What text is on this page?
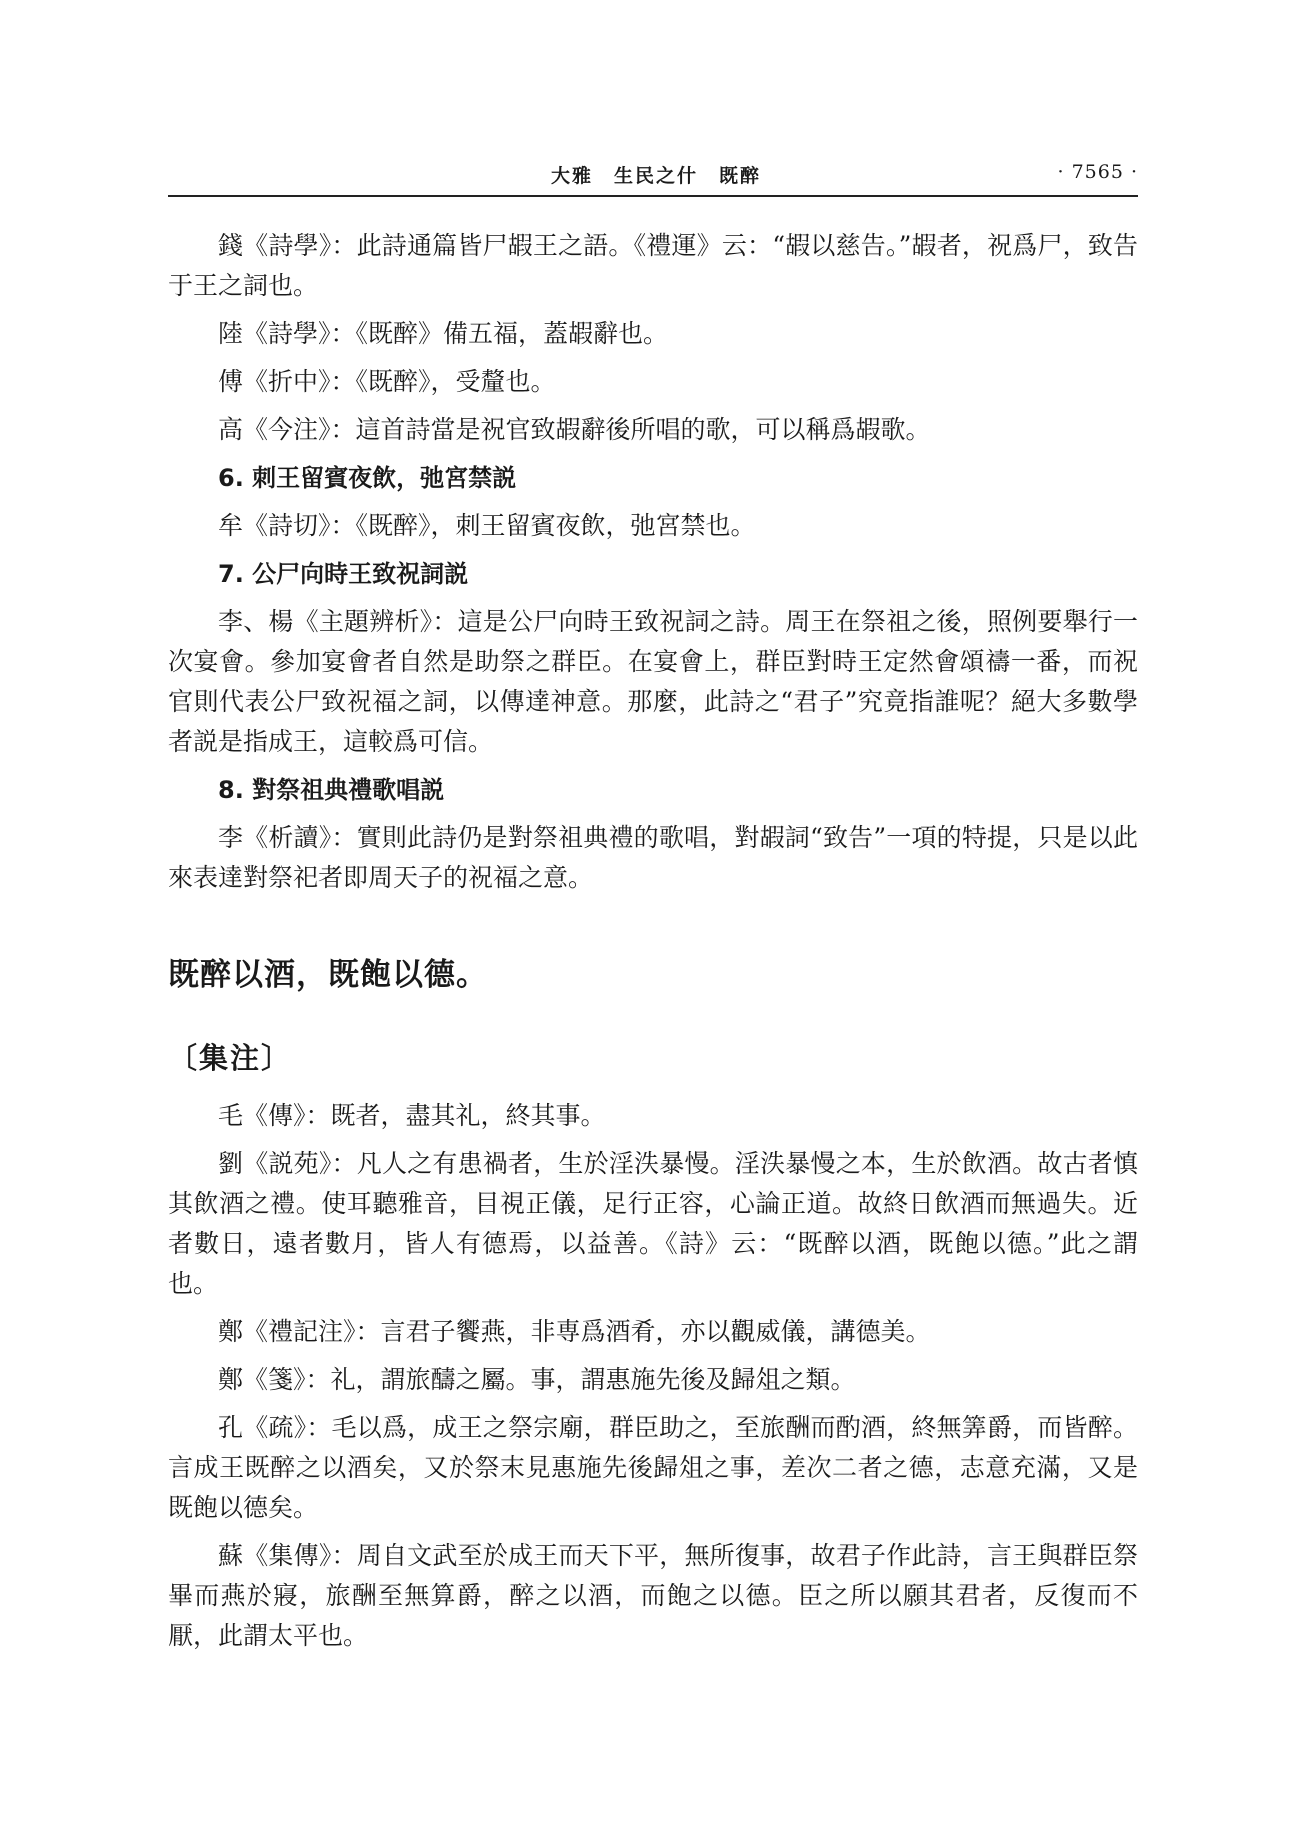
大雅　生民之什　既醉	· 7565 ·

錢《詩學》：此詩通篇皆尸嘏王之語。《禮運》云：“嘏以慈告。”嘏者，祝爲尸，致告于王之詞也。

陸《詩學》：《既醉》備五福，蓋嘏辭也。

傅《折中》：《既醉》，受釐也。

高《今注》：這首詩當是祝官致嘏辭後所唱的歌，可以稱爲嘏歌。

6. 刺王留賓夜飲，弛宮禁説

牟《詩切》：《既醉》，刺王留賓夜飲，弛宮禁也。

7. 公尸向時王致祝詞説

李、楊《主題辨析》：這是公尸向時王致祝詞之詩。周王在祭祖之後，照例要舉行一次宴會。參加宴會者自然是助祭之群臣。在宴會上，群臣對時王定然會頌禱一番，而祝官則代表公尸致祝福之詞，以傳達神意。那麼，此詩之“君子”究竟指誰呢？絕大多數學者説是指成王，這較爲可信。

8. 對祭祖典禮歌唱説

李《析讀》：實則此詩仍是對祭祖典禮的歌唱，對嘏詞“致告”一項的特提，只是以此來表達對祭祀者即周天子的祝福之意。

既醉以酒，既飽以德。
〔集注〕

毛《傳》：既者，盡其礼，終其事。

劉《説苑》：凡人之有患禍者，生於淫泆暴慢。淫泆暴慢之本，生於飲酒。故古者慎其飲酒之禮。使耳聽雅音，目視正儀，足行正容，心論正道。故終日飲酒而無過失。近者數日，遠者數月，皆人有德焉，以益善。《詩》云：“既醉以酒，既飽以德。”此之謂也。

鄭《禮記注》：言君子饗燕，非専爲酒肴，亦以觀威儀，講德美。

鄭《箋》：礼，謂旅醻之屬。事，謂惠施先後及歸俎之類。

孔《疏》：毛以爲，成王之祭宗廟，群臣助之，至旅酬而酌酒，終無筭爵，而皆醉。言成王既醉之以酒矣，又於祭末見惠施先後歸俎之事，差次二者之德，志意充滿，又是既飽以德矣。

蘇《集傳》：周自文武至於成王而天下平，無所復事，故君子作此詩，言王與群臣祭畢而燕於寢，旅酬至無算爵，醉之以酒，而飽之以德。臣之所以願其君者，反復而不厭，此謂太平也。
